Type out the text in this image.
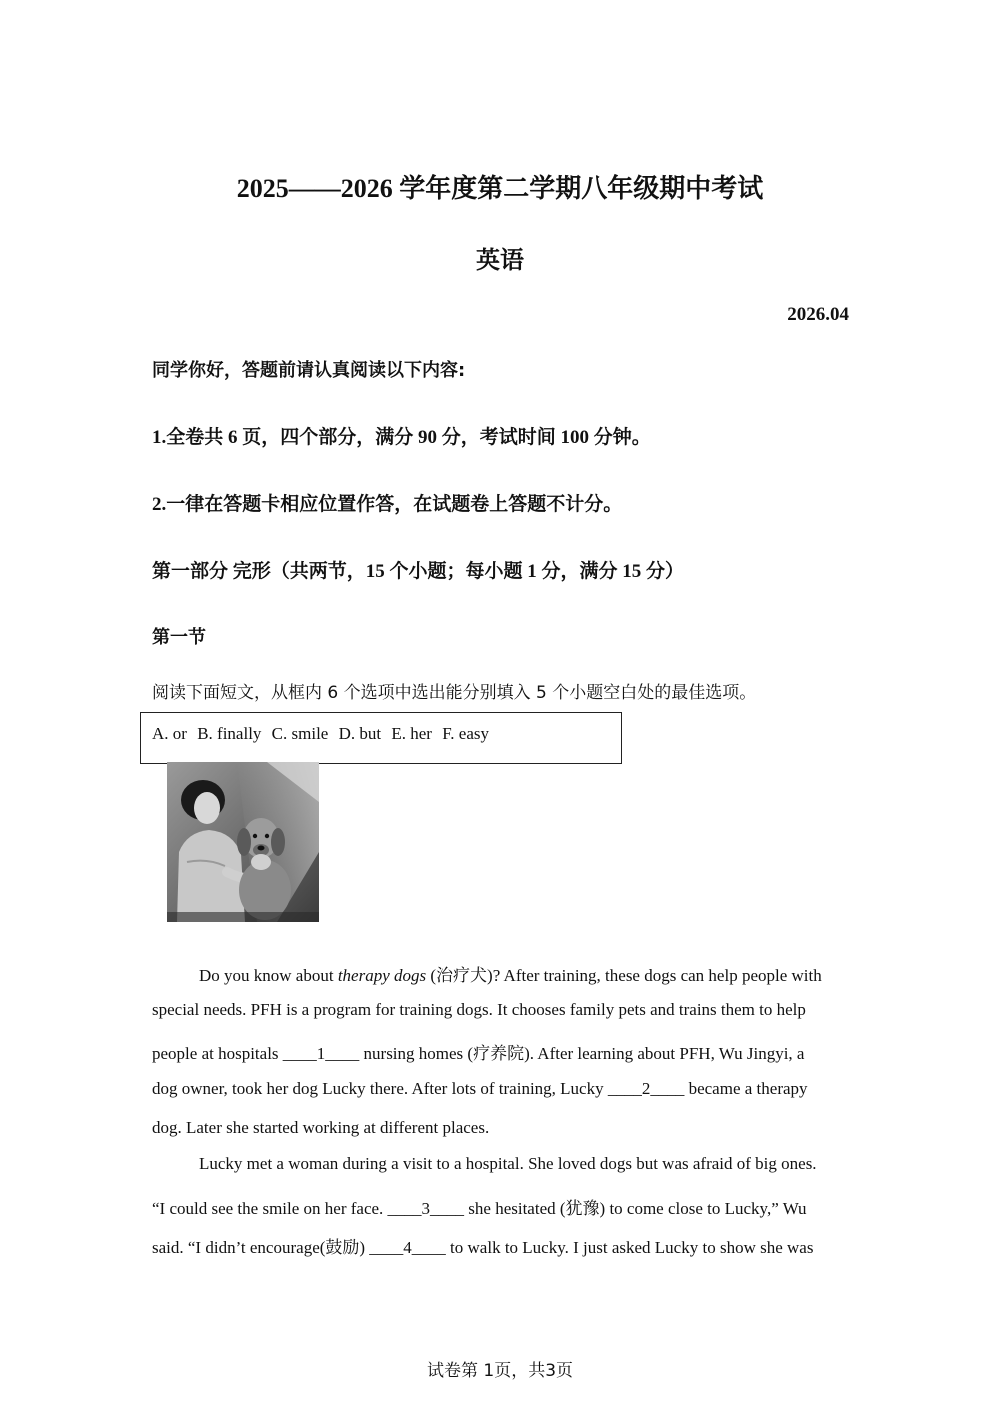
2025——2026 学年度第二学期八年级期中考试
英语
2026.04
同学你好，答题前请认真阅读以下内容:
1.全卷共 6 页，四个部分，满分 90 分，考试时间 100 分钟。
2.一律在答题卡相应位置作答，在试题卷上答题不计分。
第一部分 完形（共两节，15 个小题；每小题 1 分，满分 15 分）
第一节
阅读下面短文，从框内 6 个选项中选出能分别填入 5 个小题空白处的最佳选项。
A. or B. finally C. smile D. but E. her F. easy
Do you know about therapy dogs (治疗犬)? After training, these dogs can help people with
special needs. PFH is a program for training dogs. It chooses family pets and trains them to help
people at hospitals ____1____ nursing homes (疗养院). After learning about PFH, Wu Jingyi, a
dog owner, took her dog Lucky there. After lots of training, Lucky ____2____ became a therapy
dog. Later she started working at different places.
Lucky met a woman during a visit to a hospital. She loved dogs but was afraid of big ones.
“I could see the smile on her face. ____3____ she hesitated (犹豫) to come close to Lucky,” Wu
said. “I didn’t encourage(鼓励) ____4____ to walk to Lucky. I just asked Lucky to show she was
试卷第 1页，共3页
